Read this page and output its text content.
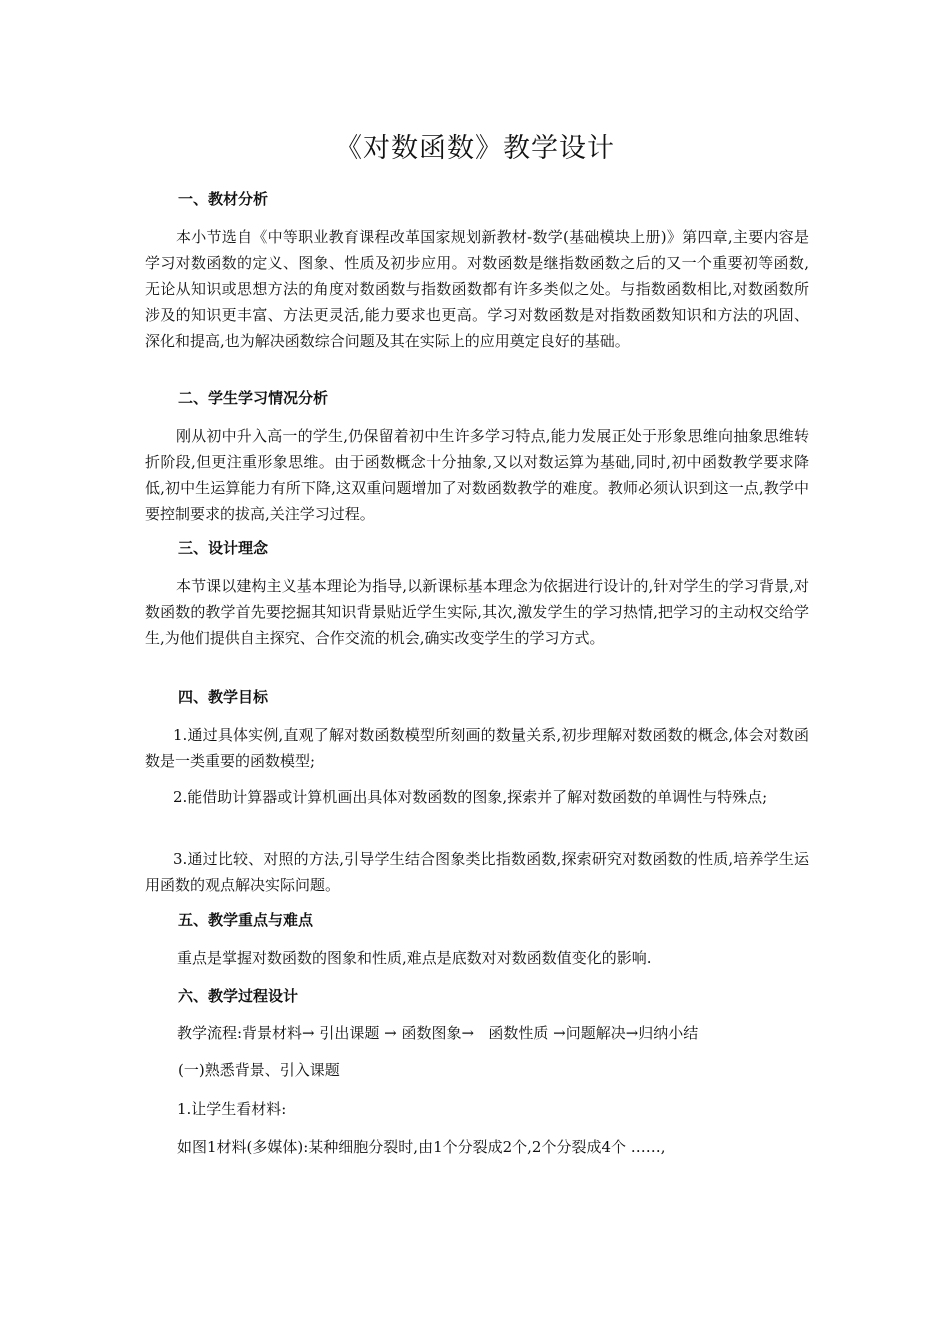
《对数函数》教学设计
一、教材分析

本小节选自《中等职业教育课程改革国家规划新教材-数学(基础模块上册)》第四章,主要内容是学习对数函数的定义、图象、性质及初步应用。对数函数是继指数函数之后的又一个重要初等函数,无论从知识或思想方法的角度对数函数与指数函数都有许多类似之处。与指数函数相比,对数函数所涉及的知识更丰富、方法更灵活,能力要求也更高。学习对数函数是对指数函数知识和方法的巩固、深化和提高,也为解决函数综合问题及其在实际上的应用奠定良好的基础。

二、学生学习情况分析

刚从初中升入高一的学生,仍保留着初中生许多学习特点,能力发展正处于形象思维向抽象思维转折阶段,但更注重形象思维。由于函数概念十分抽象,又以对数运算为基础,同时,初中函数教学要求降低,初中生运算能力有所下降,这双重问题增加了对数函数教学的难度。教师必须认识到这一点,教学中要控制要求的拔高,关注学习过程。

三、设计理念

本节课以建构主义基本理论为指导,以新课标基本理念为依据进行设计的,针对学生的学习背景,对数函数的教学首先要挖掘其知识背景贴近学生实际,其次,激发学生的学习热情,把学习的主动权交给学生,为他们提供自主探究、合作交流的机会,确实改变学生的学习方式。

四、教学目标

1.通过具体实例,直观了解对数函数模型所刻画的数量关系,初步理解对数函数的概念,体会对数函数是一类重要的函数模型;

2.能借助计算器或计算机画出具体对数函数的图象,探索并了解对数函数的单调性与特殊点;

3.通过比较、对照的方法,引导学生结合图象类比指数函数,探索研究对数函数的性质,培养学生运用函数的观点解决实际问题。

五、教学重点与难点

重点是掌握对数函数的图象和性质,难点是底数对对数函数值变化的影响.

六、教学过程设计

教学流程:背景材料→ 引出课题 → 函数图象→   函数性质 →问题解决→归纳小结

(一)熟悉背景、引入课题

1.让学生看材料:

如图1材料(多媒体):某种细胞分裂时,由1个分裂成2个,2个分裂成4个 ……,
